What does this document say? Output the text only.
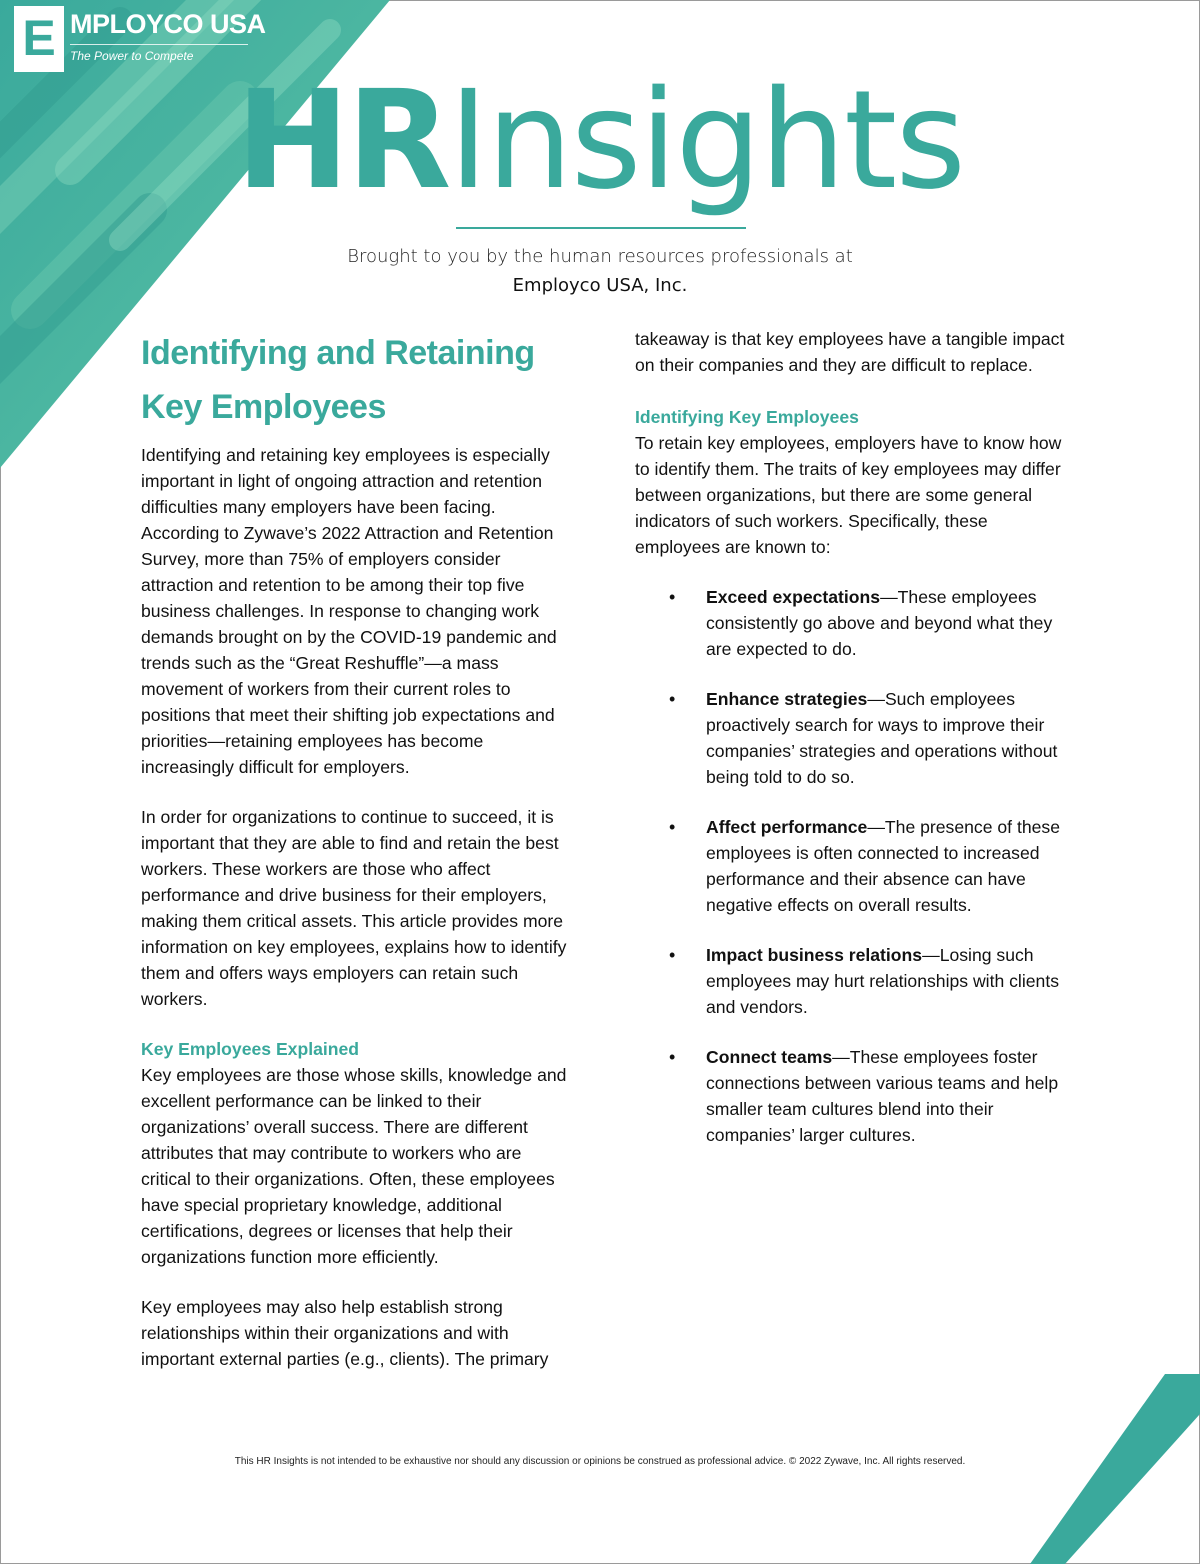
E MPLOYCO USA
The Power to Compete
HRInsights
Brought to you by the human resources professionals at
Employco USA, Inc.
Identifying and Retaining
Key Employees

Identifying and retaining key employees is especially important in light of ongoing attraction and retention difficulties many employers have been facing. According to Zywave’s 2022 Attraction and Retention Survey, more than 75% of employers consider attraction and retention to be among their top five business challenges. In response to changing work demands brought on by the COVID-19 pandemic and trends such as the “Great Reshuffle”—a mass movement of workers from their current roles to positions that meet their shifting job expectations and priorities—retaining employees has become increasingly difficult for employers.

In order for organizations to continue to succeed, it is important that they are able to find and retain the best workers. These workers are those who affect performance and drive business for their employers, making them critical assets. This article provides more information on key employees, explains how to identify them and offers ways employers can retain such workers.

Key Employees Explained

Key employees are those whose skills, knowledge and excellent performance can be linked to their organizations’ overall success. There are different attributes that may contribute to workers who are critical to their organizations. Often, these employees have special proprietary knowledge, additional certifications, degrees or licenses that help their organizations function more efficiently.

Key employees may also help establish strong relationships within their organizations and with important external parties (e.g., clients). The primary

takeaway is that key employees have a tangible impact on their companies and they are difficult to replace.

Identifying Key Employees

To retain key employees, employers have to know how to identify them. The traits of key employees may differ between organizations, but there are some general indicators of such workers. Specifically, these employees are known to:

• Exceed expectations—These employees consistently go above and beyond what they are expected to do.
• Enhance strategies—Such employees proactively search for ways to improve their companies’ strategies and operations without being told to do so.
• Affect performance—The presence of these employees is often connected to increased performance and their absence can have negative effects on overall results.
• Impact business relations—Losing such employees may hurt relationships with clients and vendors.
• Connect teams—These employees foster connections between various teams and help smaller team cultures blend into their companies’ larger cultures.
This HR Insights is not intended to be exhaustive nor should any discussion or opinions be construed as professional advice. © 2022 Zywave, Inc. All rights reserved.
